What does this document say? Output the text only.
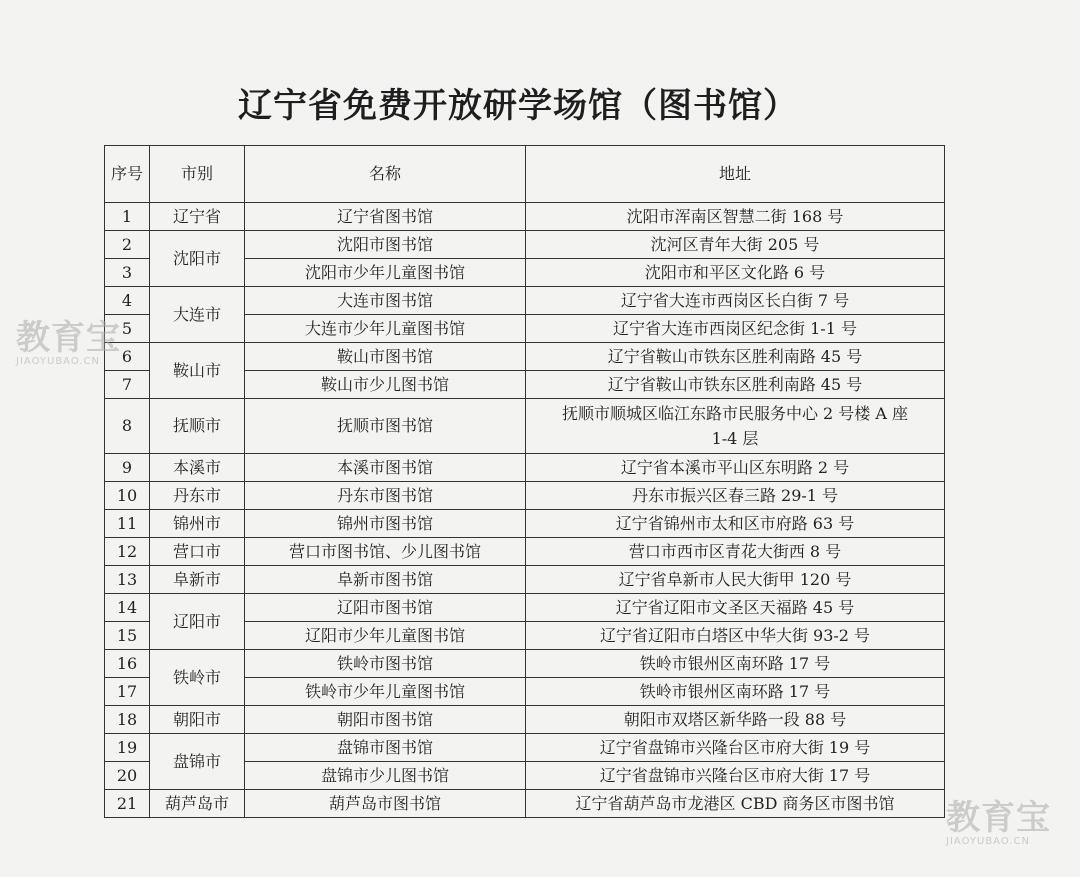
辽宁省免费开放研学场馆（图书馆）
序号	市别	名称	地址
1	辽宁省	辽宁省图书馆	沈阳市浑南区智慧二街 168 号
2	沈阳市	沈阳市图书馆	沈河区青年大街 205 号
3		沈阳市少年儿童图书馆	沈阳市和平区文化路 6 号
4	大连市	大连市图书馆	辽宁省大连市西岗区长白街 7 号
5		大连市少年儿童图书馆	辽宁省大连市西岗区纪念街 1-1 号
6	鞍山市	鞍山市图书馆	辽宁省鞍山市铁东区胜利南路 45 号
7		鞍山市少儿图书馆	辽宁省鞍山市铁东区胜利南路 45 号
8	抚顺市	抚顺市图书馆	抚顺市顺城区临江东路市民服务中心 2 号楼 A 座
1-4 层
9	本溪市	本溪市图书馆	辽宁省本溪市平山区东明路 2 号
10	丹东市	丹东市图书馆	丹东市振兴区春三路 29-1 号
11	锦州市	锦州市图书馆	辽宁省锦州市太和区市府路 63 号
12	营口市	营口市图书馆、少儿图书馆	营口市西市区青花大街西 8 号
13	阜新市	阜新市图书馆	辽宁省阜新市人民大街甲 120 号
14	辽阳市	辽阳市图书馆	辽宁省辽阳市文圣区天福路 45 号
15		辽阳市少年儿童图书馆	辽宁省辽阳市白塔区中华大街 93-2 号
16	铁岭市	铁岭市图书馆	铁岭市银州区南环路 17 号
17		铁岭市少年儿童图书馆	铁岭市银州区南环路 17 号
18	朝阳市	朝阳市图书馆	朝阳市双塔区新华路一段 88 号
19	盘锦市	盘锦市图书馆	辽宁省盘锦市兴隆台区市府大街 19 号
20		盘锦市少儿图书馆	辽宁省盘锦市兴隆台区市府大街 17 号
21	葫芦岛市	葫芦岛市图书馆	辽宁省葫芦岛市龙港区 CBD 商务区市图书馆
教育宝
JIAOYUBAO.CN
教育宝
JIAOYUBAO.CN
